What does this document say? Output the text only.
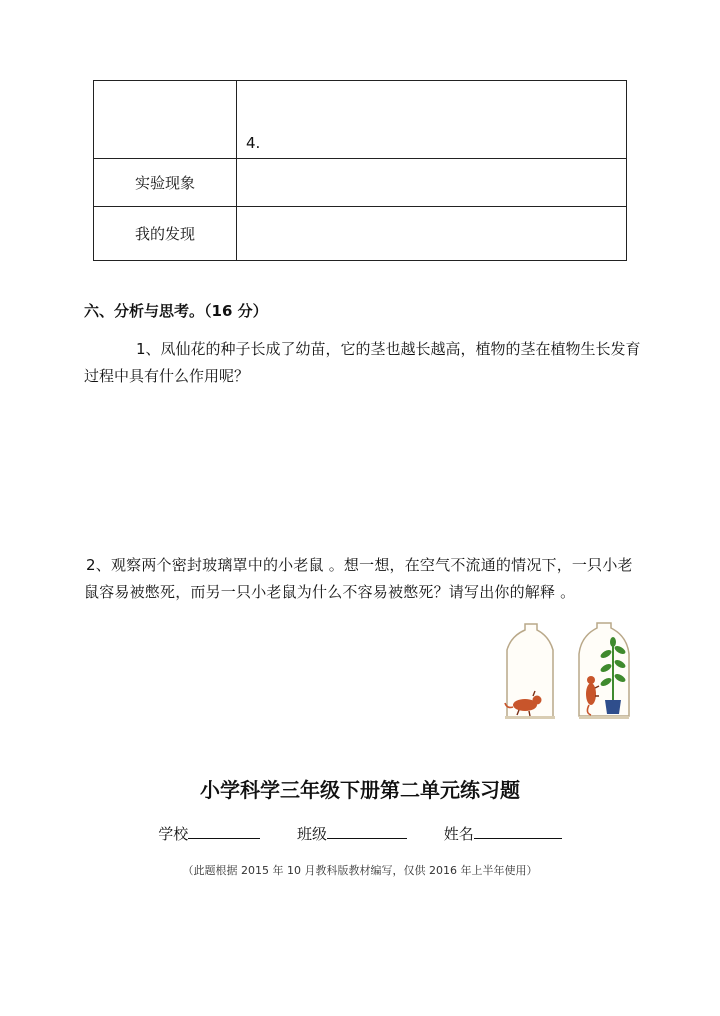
	4.

实验现象	
我的发现	
六、分析与思考。（16 分）
1、凤仙花的种子长成了幼苗，它的茎也越长越高，植物的茎在植物生长发育过程中具有什么作用呢？
2、观察两个密封玻璃罩中的小老鼠 。想一想，在空气不流通的情况下，一只小老鼠容易被憋死，而另一只小老鼠为什么不容易被憋死？请写出你的解释 。
小学科学三年级下册第二单元练习题
学校	班级	姓名
（此题根据 2015 年 10 月教科版教材编写，仅供 2016 年上半年使用）
